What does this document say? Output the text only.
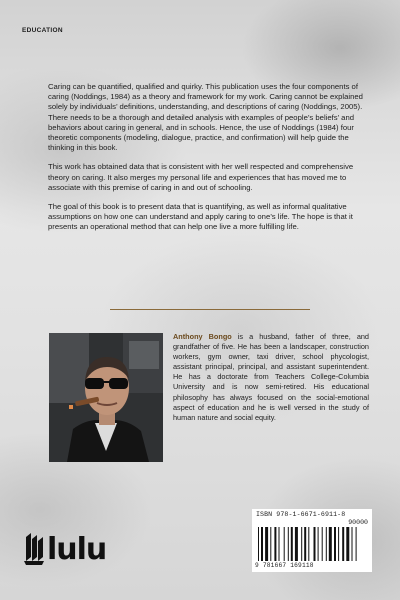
EDUCATION

Caring can be quantified, qualified and quirky. This publication uses the four components of caring (Noddings, 1984) as a theory and framework for my work. Caring cannot be explained solely by individuals’ definitions, understanding, and descriptions of caring (Noddings, 2005). There needs to be a thorough and detailed analysis with examples of people’s beliefs’ and behaviors about caring in general, and in schools. Hence, the use of Noddings (1984) four theoretic components (modeling, dialogue, practice, and confirmation) will help guide the thinking in this book.

This work has obtained data that is consistent with her well respected and comprehensive theory on caring. It also merges my personal life and experiences that has moved me to associate with this premise of caring in and out of schooling.

The goal of this book is to present data that is quantifying, as well as informal qualitative assumptions on how one can understand and apply caring to one’s life. The hope is that it presents an operational method that can help one live a more fulfilling life.

Anthony Bongo is a husband, father of three, and grandfather of five. He has been a landscaper, construction workers, gym owner, taxi driver, school phycologist, assistant principal, principal, and assistant superintendent. He has a doctorate from Teachers College-Columbia University and is now semi-retired. His educational philosophy has always focused on the social-emotional aspect of education and he is well versed in the study of human nature and social equity.

lulu

ISBN 978-1-6671-6911-8

90000

9 781667 169118
